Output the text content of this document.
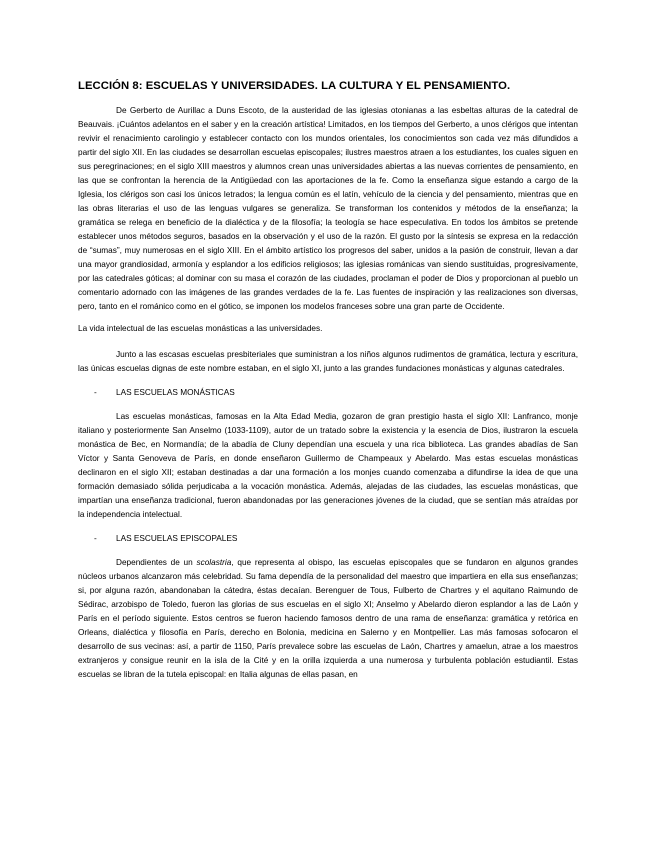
LECCIÓN 8: ESCUELAS Y UNIVERSIDADES. LA CULTURA Y EL PENSAMIENTO.

De Gerberto de Aurillac a Duns Escoto, de la austeridad de las iglesias otonianas a las esbeltas alturas de la catedral de Beauvais. ¡Cuántos adelantos en el saber y en la creación artística! Limitados, en los tiempos del Gerberto, a unos clérigos que intentan revivir el renacimiento carolingio y establecer contacto con los mundos orientales, los conocimientos son cada vez más difundidos a partir del siglo XII. En las ciudades se desarrollan escuelas episcopales; ilustres maestros atraen a los estudiantes, los cuales siguen en sus peregrinaciones; en el siglo XIII maestros y alumnos crean unas universidades abiertas a las nuevas corrientes de pensamiento, en las que se confrontan la herencia de la Antigüedad con las aportaciones de la fe. Como la enseñanza sigue estando a cargo de la Iglesia, los clérigos son casi los únicos letrados; la lengua común es el latín, vehículo de la ciencia y del pensamiento, mientras que en las obras literarias el uso de las lenguas vulgares se generaliza. Se transforman los contenidos y métodos de la enseñanza; la gramática se relega en beneficio de la dialéctica y de la filosofía; la teología se hace especulativa. En todos los ámbitos se pretende establecer unos métodos seguros, basados en la observación y el uso de la razón. El gusto por la síntesis se expresa en la redacción de “sumas”, muy numerosas en el siglo XIII. En el ámbito artístico los progresos del saber, unidos a la pasión de construir, llevan a dar una mayor grandiosidad, armonía y esplandor a los edificios religiosos; las iglesias románicas van siendo sustituidas, progresivamente, por las catedrales góticas; al dominar con su masa el corazón de las ciudades, proclaman el poder de Dios y proporcionan al pueblo un comentario adornado con las imágenes de las grandes verdades de la fe. Las fuentes de inspiración y las realizaciones son diversas, pero, tanto en el románico como en el gótico, se imponen los modelos franceses sobre una gran parte de Occidente.

La vida intelectual de las escuelas monásticas a las universidades.

Junto a las escasas escuelas presbiteriales que suministran a los niños algunos rudimentos de gramática, lectura y escritura, las únicas escuelas dignas de este nombre estaban, en el siglo XI, junto a las grandes fundaciones monásticas y algunas catedrales.

-	LAS ESCUELAS MONÁSTICAS

Las escuelas monásticas, famosas en la Alta Edad Media, gozaron de gran prestigio hasta el siglo XII: Lanfranco, monje italiano y posteriormente San Anselmo (1033-1109), autor de un tratado sobre la existencia y la esencia de Dios, ilustraron la escuela monástica de Bec, en Normandía; de la abadía de Cluny dependían una escuela y una rica biblioteca. Las grandes abadías de San Víctor y Santa Genoveva de París, en donde enseñaron Guillermo de Champeaux y Abelardo. Mas estas escuelas monásticas declinaron en el siglo XII; estaban destinadas a dar una formación a los monjes cuando comenzaba a difundirse la idea de que una formación demasiado sólida perjudicaba a la vocación monástica. Además, alejadas de las ciudades, las escuelas monásticas, que impartían una enseñanza tradicional, fueron abandonadas por las generaciones jóvenes de la ciudad, que se sentían más atraídas por la independencia intelectual.

-	LAS ESCUELAS EPISCOPALES

Dependientes de un scolastria, que representa al obispo, las escuelas episcopales que se fundaron en algunos grandes núcleos urbanos alcanzaron más celebridad. Su fama dependía de la personalidad del maestro que impartiera en ella sus enseñanzas; si, por alguna razón, abandonaban la cátedra, éstas decaían. Berenguer de Tous, Fulberto de Chartres y el aquitano Raimundo de Sédirac, arzobispo de Toledo, fueron las glorias de sus escuelas en el siglo XI; Anselmo y Abelardo dieron esplandor a las de Laón y París en el período siguiente. Estos centros se fueron haciendo famosos dentro de una rama de enseñanza: gramática y retórica en Orleans, dialéctica y filosofía en París, derecho en Bolonia, medicina en Salerno y en Montpellier. Las más famosas sofocaron el desarrollo de sus vecinas: así, a partir de 1150, París prevalece sobre las escuelas de Laón, Chartres y amaelun, atrae a los maestros extranjeros y consigue reunir en la isla de la Cité y en la orilla izquierda a una numerosa y turbulenta población estudiantil. Estas escuelas se libran de la tutela episcopal: en Italia algunas de ellas pasan, en
